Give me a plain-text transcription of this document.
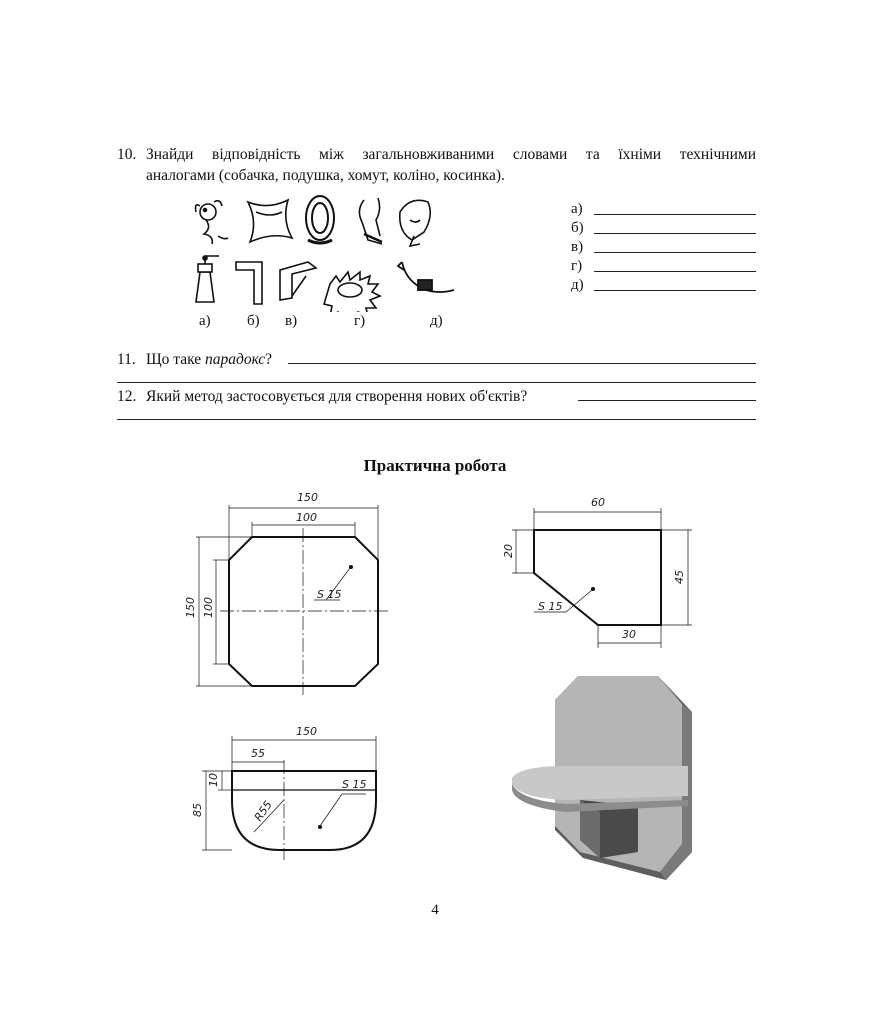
10. Знайди відповідність між загальновживаними словами та їхніми технічними
аналогами (собачка, подушка, хомут, коліно, косинка).
а) б) в)	г)	д)
а)
б)
в)
г)
д)
11. Що таке парадокс?
12. Який метод застосовується для створення нових об'єктів?
Практична робота
150
100
150 100
S 15
60
20
45
30
S 15
150
55
10
85	R55
S 15
4
